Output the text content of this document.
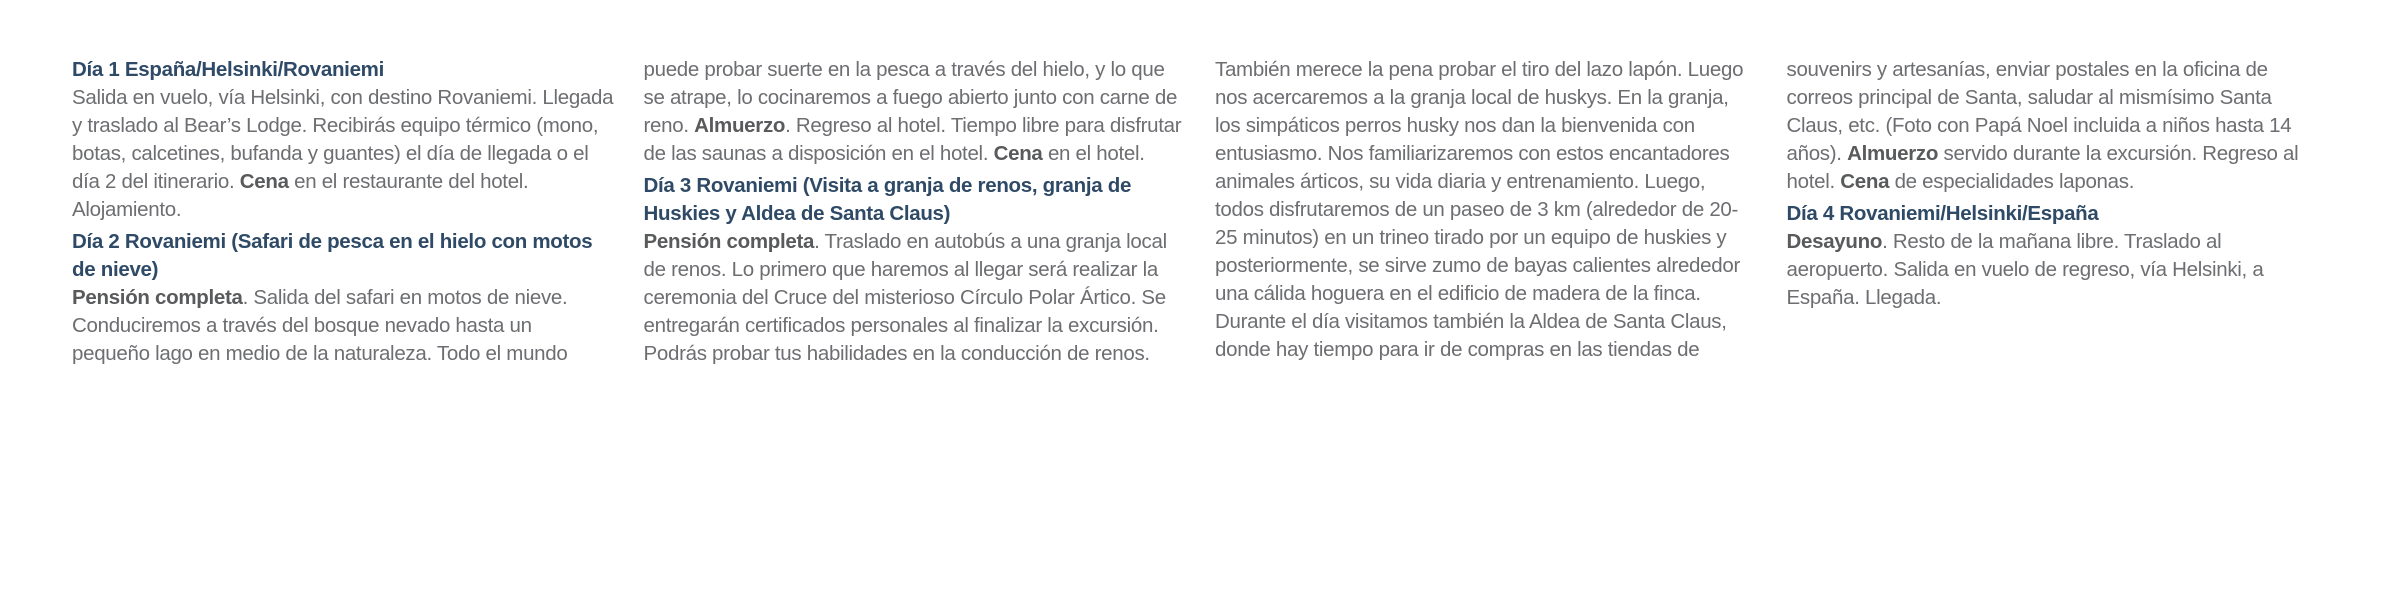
Día 1 España/Helsinki/Rovaniemi
Salida en vuelo, vía Helsinki, con destino Rovaniemi. Llegada y traslado al Bear’s Lodge. Recibirás equipo térmico (mono, botas, calcetines, bufanda y guantes) el día de llegada o el día 2 del itinerario. Cena en el restaurante del hotel. Alojamiento.
Día 2 Rovaniemi (Safari de pesca en el hielo con motos de nieve)
Pensión completa. Salida del safari en motos de nieve. Conduciremos a través del bosque nevado hasta un pequeño lago en medio de la naturaleza. Todo el mundo puede probar suerte en la pesca a través del hielo, y lo que se atrape, lo cocinaremos a fuego abierto junto con carne de reno. Almuerzo. Regreso al hotel. Tiempo libre para disfrutar de las saunas a disposición en el hotel. Cena en el hotel.
Día 3 Rovaniemi (Visita a granja de renos, granja de Huskies y Aldea de Santa Claus)
Pensión completa. Traslado en autobús a una granja local de renos. Lo primero que haremos al llegar será realizar la ceremonia del Cruce del misterioso Círculo Polar Ártico. Se entregarán certificados personales al finalizar la excursión. Podrás probar tus habilidades en la conducción de renos. También merece la pena probar el tiro del lazo lapón. Luego nos acercaremos a la granja local de huskys. En la granja, los simpáticos perros husky nos dan la bienvenida con entusiasmo. Nos familiarizaremos con estos encantadores animales árticos, su vida diaria y entrenamiento. Luego, todos disfrutaremos de un paseo de 3 km (alrededor de 20-25 minutos) en un trineo tirado por un equipo de huskies y posteriormente, se sirve zumo de bayas calientes alrededor una cálida hoguera en el edificio de madera de la finca. Durante el día visitamos también la Aldea de Santa Claus, donde hay tiempo para ir de compras en las tiendas de souvenirs y artesanías, enviar postales en la oficina de correos principal de Santa, saludar al mismísimo Santa Claus, etc. (Foto con Papá Noel incluida a niños hasta 14 años). Almuerzo servido durante la excursión. Regreso al hotel. Cena de especialidades laponas.
Día 4 Rovaniemi/Helsinki/España
Desayuno. Resto de la mañana libre. Traslado al aeropuerto. Salida en vuelo de regreso, vía Helsinki, a España. Llegada.
